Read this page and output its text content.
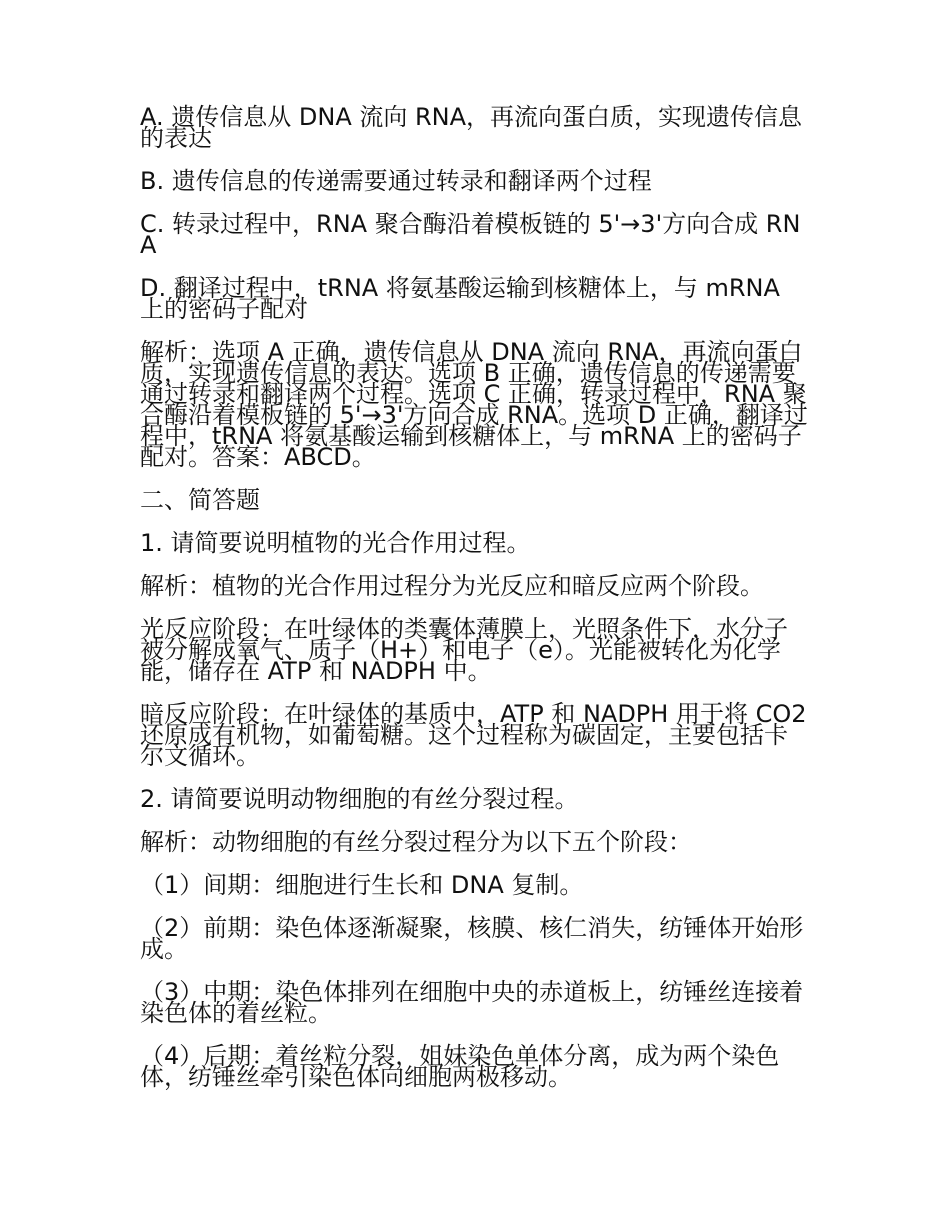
A. 遗传信息从 DNA 流向 RNA，再流向蛋白质，实现遗传信息的表达

B. 遗传信息的传递需要通过转录和翻译两个过程

C. 转录过程中，RNA 聚合酶沿着模板链的 5'→3'方向合成 RNA

D. 翻译过程中，tRNA 将氨基酸运输到核糖体上，与 mRNA 上的密码子配对

解析：选项 A 正确，遗传信息从 DNA 流向 RNA，再流向蛋白质，实现遗传信息的表达。选项 B 正确，遗传信息的传递需要通过转录和翻译两个过程。选项 C 正确，转录过程中，RNA 聚合酶沿着模板链的 5'→3'方向合成 RNA。选项 D 正确，翻译过程中，tRNA 将氨基酸运输到核糖体上，与 mRNA 上的密码子配对。答案：ABCD。

二、简答题

1. 请简要说明植物的光合作用过程。

解析：植物的光合作用过程分为光反应和暗反应两个阶段。

光反应阶段：在叶绿体的类囊体薄膜上，光照条件下，水分子被分解成氧气、质子（H+）和电子（e）。光能被转化为化学能，储存在 ATP 和 NADPH 中。

暗反应阶段：在叶绿体的基质中，ATP 和 NADPH 用于将 CO2 还原成有机物，如葡萄糖。这个过程称为碳固定，主要包括卡尔文循环。

2. 请简要说明动物细胞的有丝分裂过程。

解析：动物细胞的有丝分裂过程分为以下五个阶段：

（1）间期：细胞进行生长和 DNA 复制。

（2）前期：染色体逐渐凝聚，核膜、核仁消失，纺锤体开始形成。

（3）中期：染色体排列在细胞中央的赤道板上，纺锤丝连接着染色体的着丝粒。

（4）后期：着丝粒分裂，姐妹染色单体分离，成为两个染色体，纺锤丝牵引染色体向细胞两极移动。
